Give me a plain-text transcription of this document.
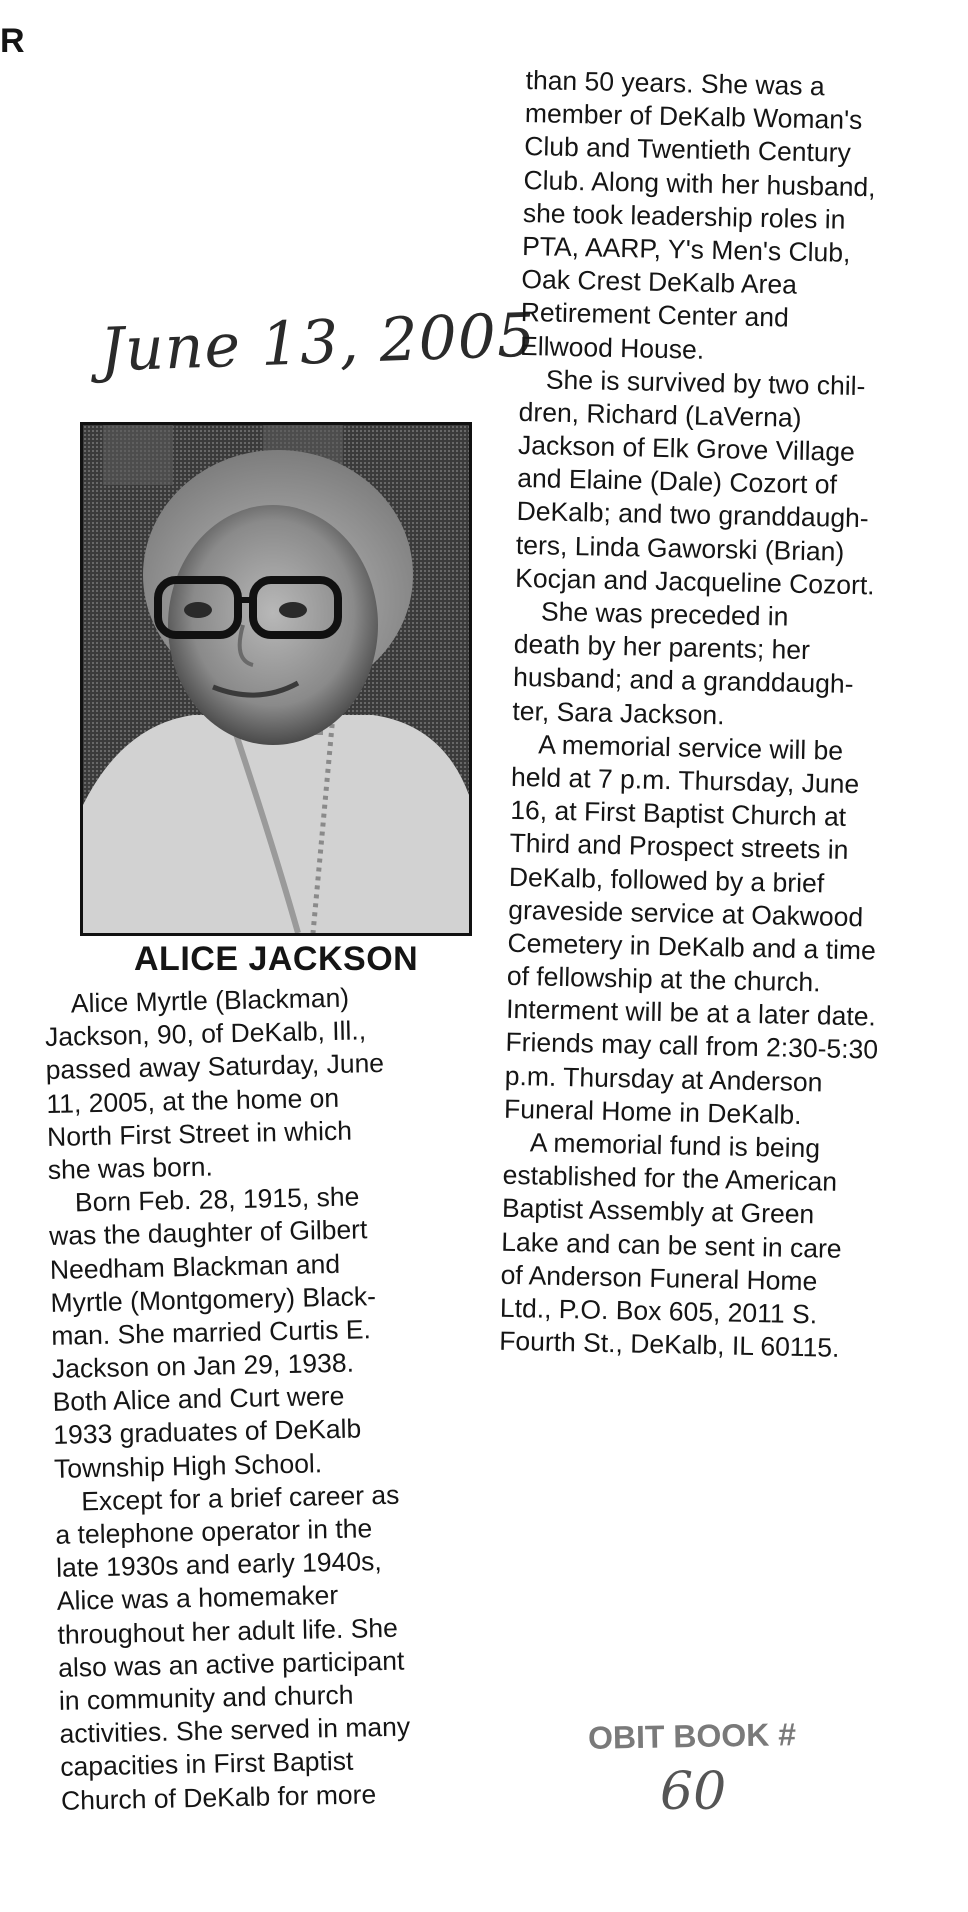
R
June 13, 2005
ALICE JACKSON
 Alice Myrtle (Blackman)
Jackson, 90, of DeKalb, Ill.,
passed away Saturday, June
11, 2005, at the home on
North First Street in which
she was born.
 Born Feb. 28, 1915, she
was the daughter of Gilbert
Needham Blackman and
Myrtle (Montgomery) Black-
man. She married Curtis E.
Jackson on Jan 29, 1938.
Both Alice and Curt were
1933 graduates of DeKalb
Township High School.
 Except for a brief career as
a telephone operator in the
late 1930s and early 1940s,
Alice was a homemaker
throughout her adult life. She
also was an active participant
in community and church
activities. She served in many
capacities in First Baptist
Church of DeKalb for more
than 50 years. She was a
member of DeKalb Woman's
Club and Twentieth Century
Club. Along with her husband,
she took leadership roles in
PTA, AARP, Y's Men's Club,
Oak Crest DeKalb Area
Retirement Center and
Ellwood House.
 She is survived by two chil-
dren, Richard (LaVerna)
Jackson of Elk Grove Village
and Elaine (Dale) Cozort of
DeKalb; and two granddaugh-
ters, Linda Gaworski (Brian)
Kocjan and Jacqueline Cozort.
 She was preceded in
death by her parents; her
husband; and a granddaugh-
ter, Sara Jackson.
 A memorial service will be
held at 7 p.m. Thursday, June
16, at First Baptist Church at
Third and Prospect streets in
DeKalb, followed by a brief
graveside service at Oakwood
Cemetery in DeKalb and a time
of fellowship at the church.
Interment will be at a later date.
Friends may call from 2:30-5:30
p.m. Thursday at Anderson
Funeral Home in DeKalb.
 A memorial fund is being
established for the American
Baptist Assembly at Green
Lake and can be sent in care
of Anderson Funeral Home
Ltd., P.O. Box 605, 2011 S.
Fourth St., DeKalb, IL 60115.
OBIT BOOK #
60
